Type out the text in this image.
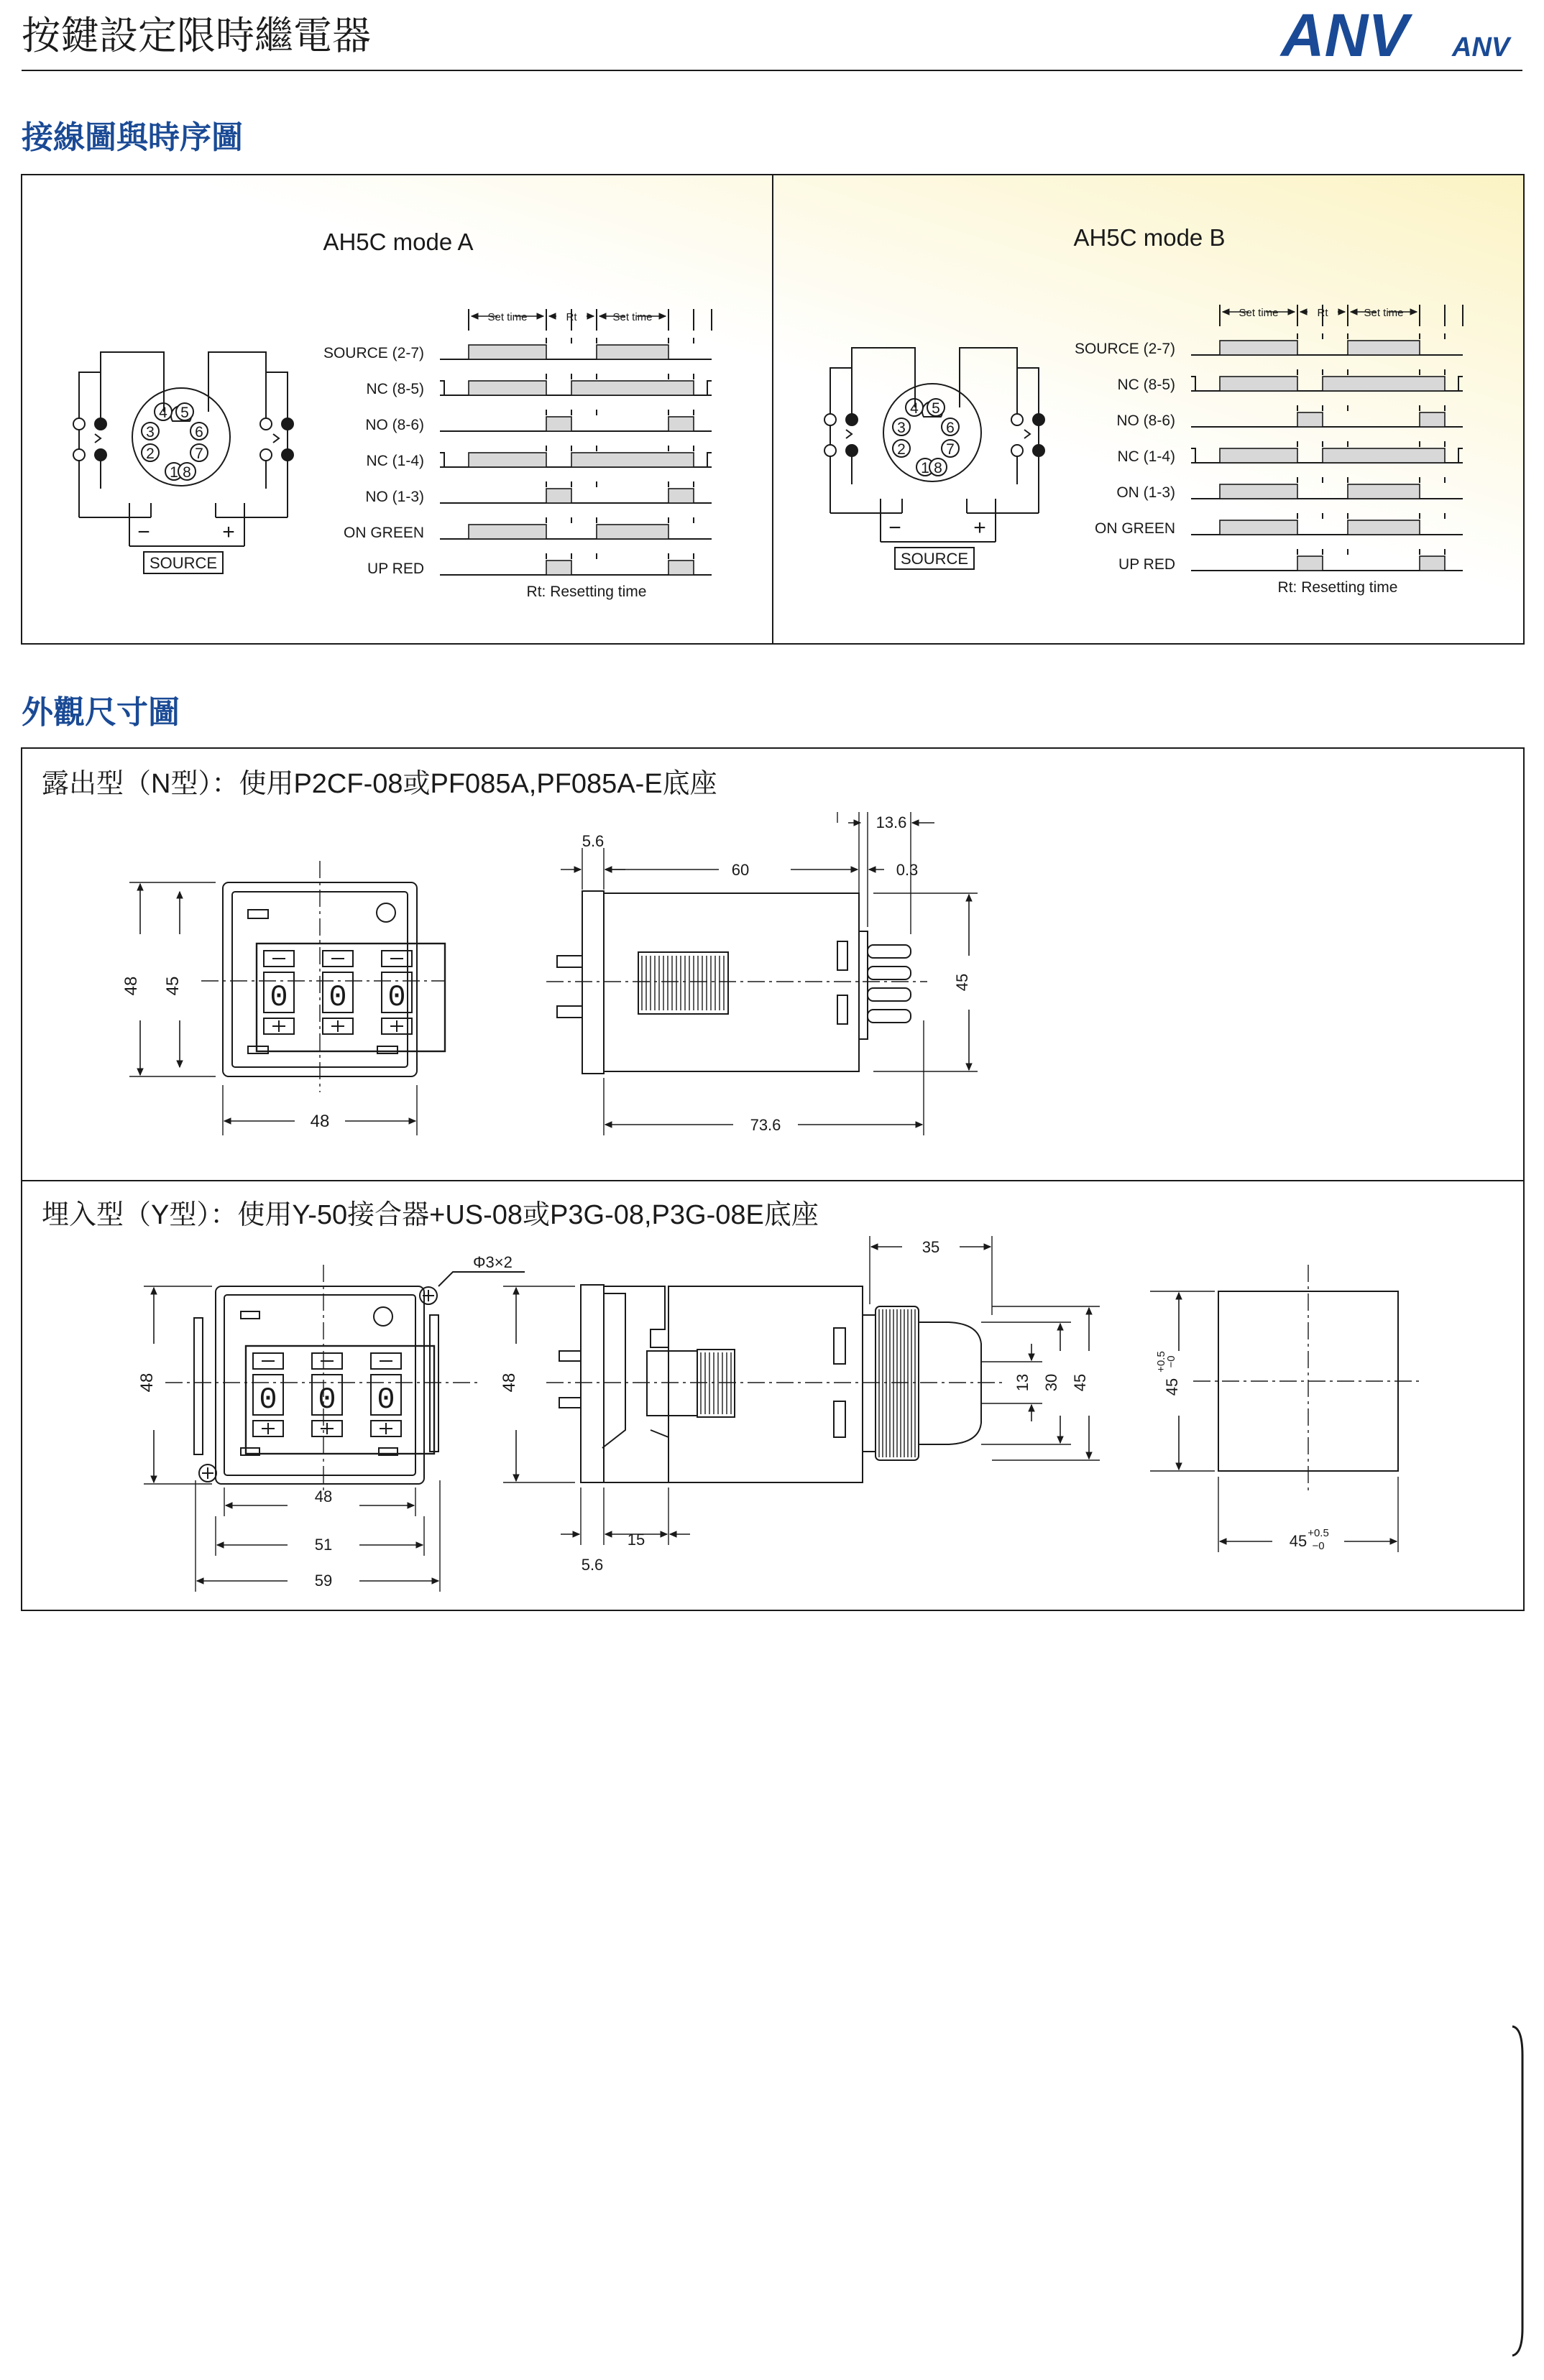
按鍵設定限時繼電器	ANV ANV
接線圖與時序圖
AH5C mode A
1
2
3
4 5
6
7
8
−	+
SOURCE
Set time	Rt	Set time
SOURCE (2-7)
NC (8-5)
NO (8-6)
NC (1-4)
NO (1-3)
ON GREEN
UP RED
Rt: Resetting time
AH5C mode B
1
2
3
4 5
6
7
8
−	+
SOURCE
Set time	Rt	Set time
SOURCE (2-7)
NC (8-5)
NO (8-6)
NC (1-4)
ON (1-3)
ON GREEN
UP RED
Rt: Resetting time
外觀尺寸圖
露出型（N型）：使用P2CF-08或PF085A,PF085A-E底座
埋入型（Y型）：使用Y-50接合器+US-08或P3G-08,P3G-08E底座
0 0 0
48 45
48
5.6
60
13.6
0.3
45
73.6
0 0 0
Φ3×2
48
48
51
59
48
5.6
15
35
13 30 45	45
+0.5
−0
45 +0.5
−0
